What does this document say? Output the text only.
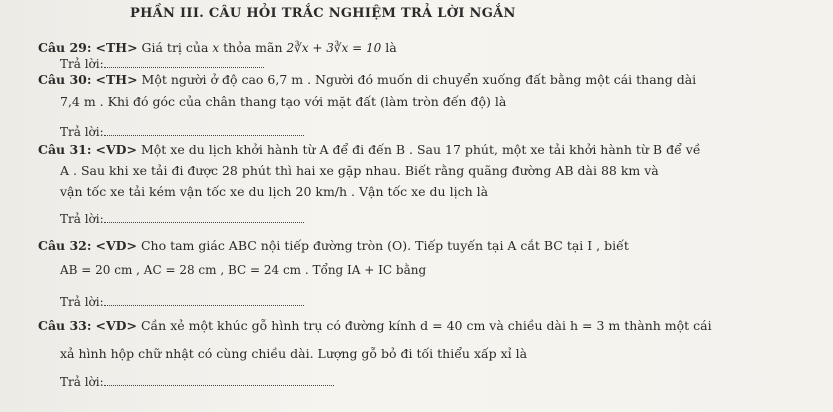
PHẦN III. CÂU HỎI TRẮC NGHIỆM TRẢ LỜI NGẮN
Câu 29: <TH> Giá trị của x thỏa mãn 2∛x + 3∛x = 10 là
Trả lời:
Câu 30: <TH> Một người ở độ cao 6,7 m . Người đó muốn di chuyển xuống đất bằng một cái thang dài
7,4 m . Khi đó góc của chân thang tạo với mặt đất (làm tròn đến độ) là
Trả lời:
Câu 31: <VD> Một xe du lịch khởi hành từ A để đi đến B . Sau 17 phút, một xe tải khởi hành từ B để về
A . Sau khi xe tải đi được 28 phút thì hai xe gặp nhau. Biết rằng quãng đường AB dài 88 km và
vận tốc xe tải kém vận tốc xe du lịch 20 km/h . Vận tốc xe du lịch là
Trả lời:
Câu 32: <VD> Cho tam giác ABC nội tiếp đường tròn (O). Tiếp tuyến tại A cắt BC tại I , biết
AB = 20 cm , AC = 28 cm , BC = 24 cm . Tổng IA + IC bằng
Trả lời:
Câu 33: <VD> Cần xẻ một khúc gỗ hình trụ có đường kính d = 40 cm và chiều dài h = 3 m thành một cái
xả hình hộp chữ nhật có cùng chiều dài. Lượng gỗ bỏ đi tối thiểu xấp xỉ là
Trả lời:
